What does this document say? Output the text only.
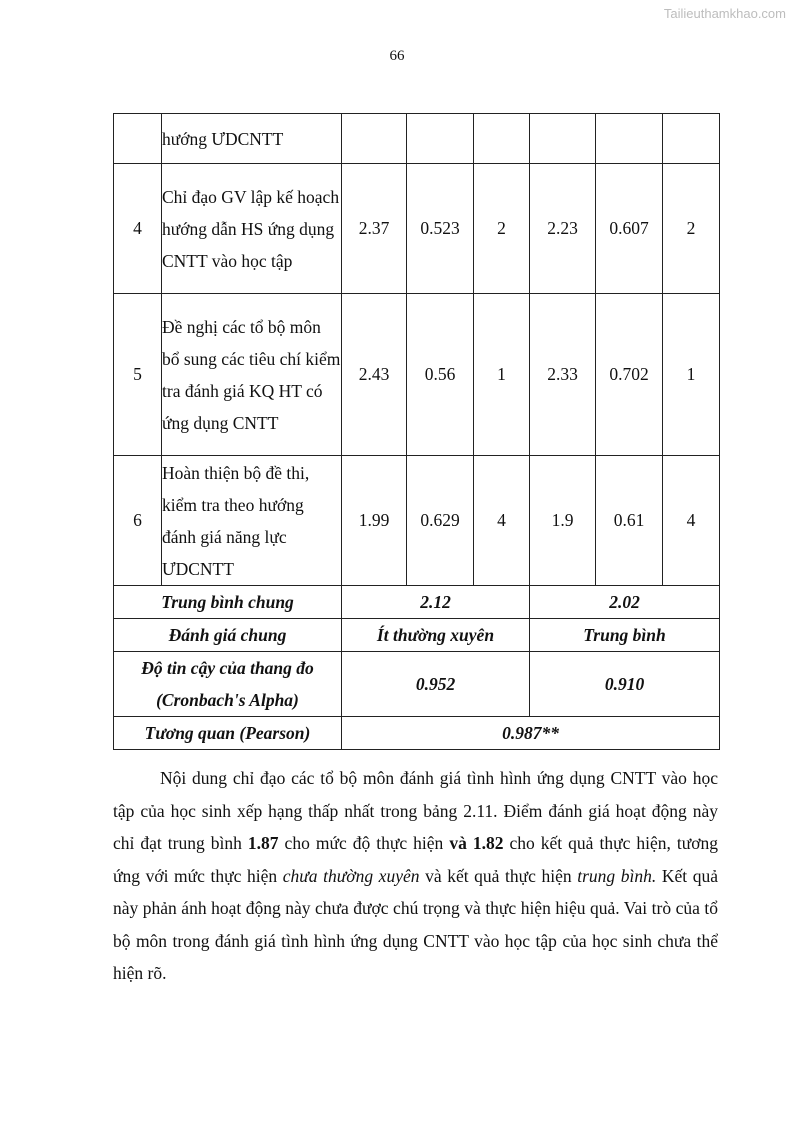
Tailieuthamkhao.com
66
	hướng ƯDCNTT						
4	Chỉ đạo GV lập kế hoạch hướng dẫn HS ứng dụng CNTT vào học tập	2.37	0.523	2	2.23	0.607	2
5	Đề nghị các tổ bộ môn bổ sung các tiêu chí kiểm tra đánh giá KQ HT có ứng dụng CNTT	2.43	0.56	1	2.33	0.702	1
6	Hoàn thiện bộ đề thi, kiểm tra theo hướng đánh giá năng lực ƯDCNTT	1.99	0.629	4	1.9	0.61	4
Trung bình chung		2.12			2.02		
Đánh giá chung		Ít thường xuyên			Trung bình		
Độ tin cậy của thang đo (Cronbach's Alpha)		0.952			0.910		
Tương quan (Pearson)		0.987**					

Nội dung chỉ đạo các tổ bộ môn đánh giá tình hình ứng dụng CNTT vào học tập của học sinh xếp hạng thấp nhất trong bảng 2.11. Điểm đánh giá hoạt động này chỉ đạt trung bình 1.87 cho mức độ thực hiện và 1.82 cho kết quả thực hiện, tương ứng với mức thực hiện chưa thường xuyên và kết quả thực hiện trung bình. Kết quả này phản ánh hoạt động này chưa được chú trọng và thực hiện hiệu quả. Vai trò của tổ bộ môn trong đánh giá tình hình ứng dụng CNTT vào học tập của học sinh chưa thể hiện rõ.
